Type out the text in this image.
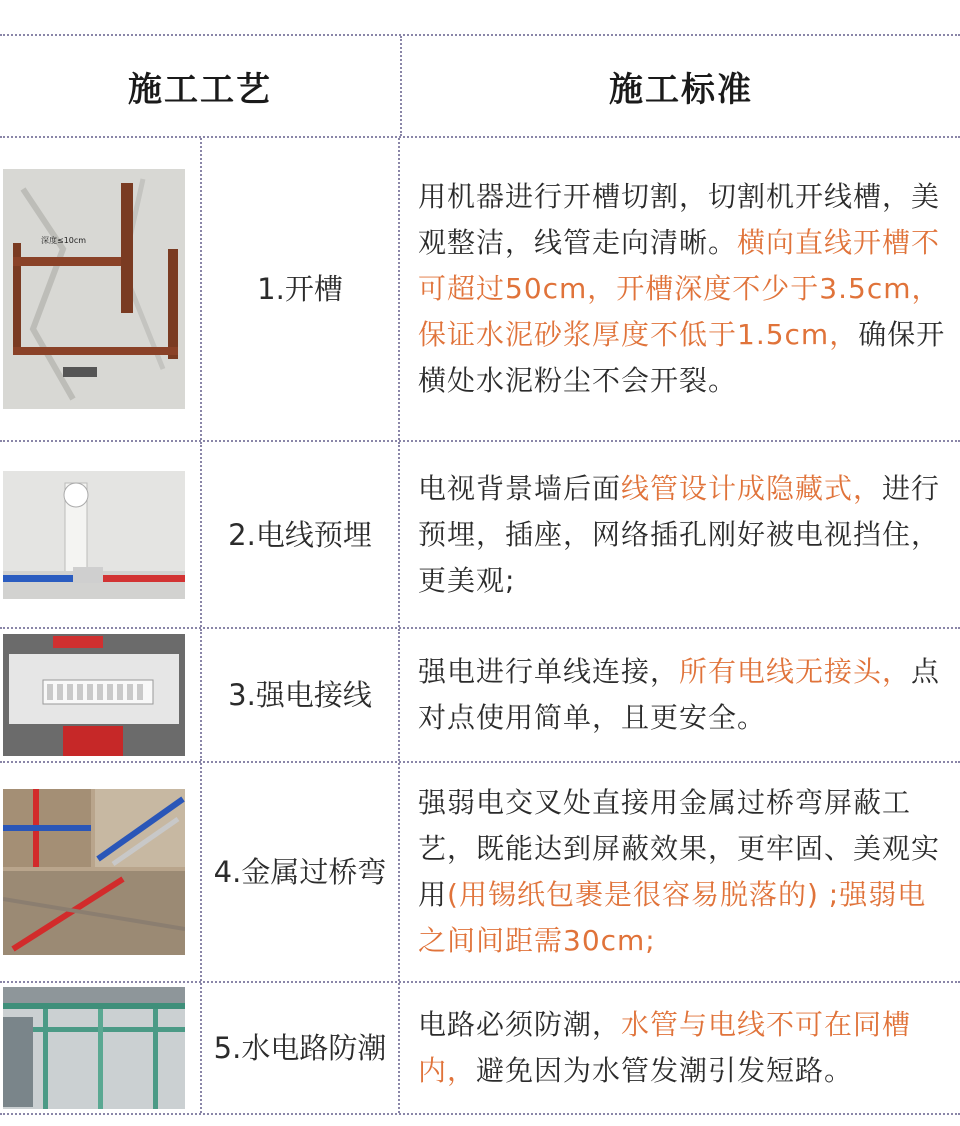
施工工艺	施工标准
深度≤10cm
1.开槽

用机器进行开槽切割，切割机开线槽，美观整洁，线管走向清晰。横向直线开槽不可超过50cm，开槽深度不少于3.5cm，保证水泥砂浆厚度不低于1.5cm，确保开横处水泥粉尘不会开裂。

2.电线预埋

电视背景墙后面线管设计成隐藏式，进行预埋，插座，网络插孔刚好被电视挡住，更美观;

3.强电接线

强电进行单线连接，所有电线无接头，点对点使用简单，且更安全。

4.金属过桥弯

强弱电交叉处直接用金属过桥弯屏蔽工艺，既能达到屏蔽效果，更牢固、美观实用(用锡纸包裹是很容易脱落的) ;强弱电之间间距需30cm;

5.水电路防潮

电路必须防潮，水管与电线不可在同槽内，避免因为水管发潮引发短路。
